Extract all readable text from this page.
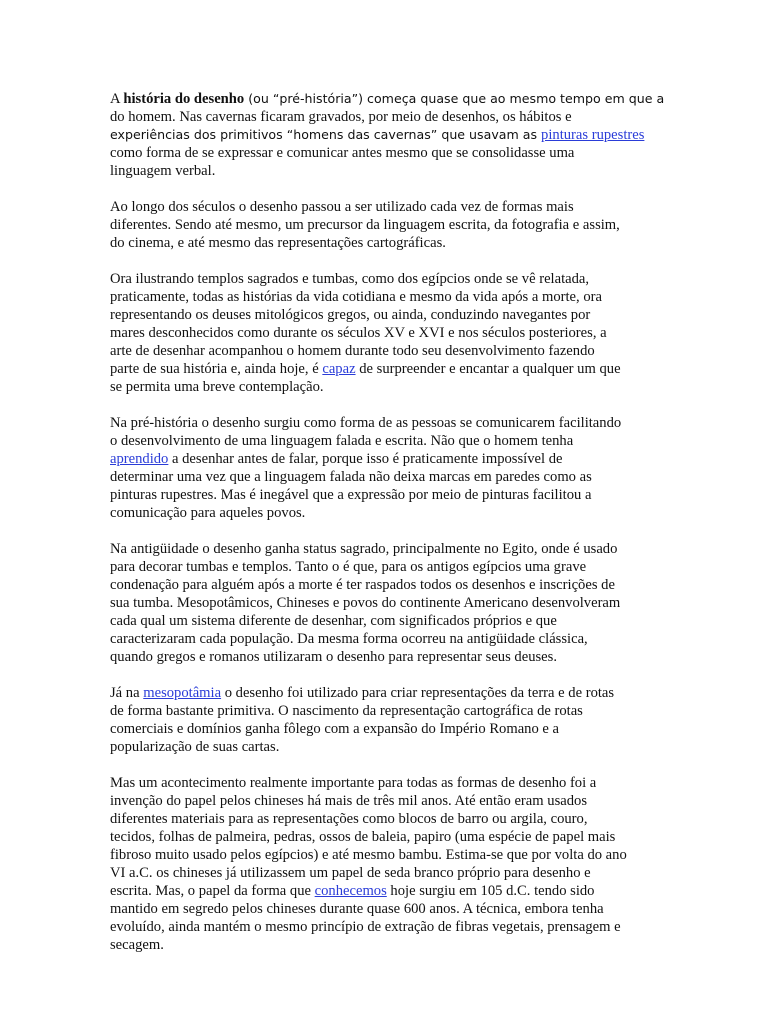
A história do desenho (ou “pré-história”) começa quase que ao mesmo tempo em que a
do homem. Nas cavernas ficaram gravados, por meio de desenhos, os hábitos e
experiências dos primitivos “homens das cavernas” que usavam as pinturas rupestres
como forma de se expressar e comunicar antes mesmo que se consolidasse uma
linguagem verbal.

Ao longo dos séculos o desenho passou a ser utilizado cada vez de formas mais
diferentes. Sendo até mesmo, um precursor da linguagem escrita, da fotografia e assim,
do cinema, e até mesmo das representações cartográficas.

Ora ilustrando templos sagrados e tumbas, como dos egípcios onde se vê relatada,
praticamente, todas as histórias da vida cotidiana e mesmo da vida após a morte, ora
representando os deuses mitológicos gregos, ou ainda, conduzindo navegantes por
mares desconhecidos como durante os séculos XV e XVI e nos séculos posteriores, a
arte de desenhar acompanhou o homem durante todo seu desenvolvimento fazendo
parte de sua história e, ainda hoje, é capaz de surpreender e encantar a qualquer um que
se permita uma breve contemplação.

Na pré-história o desenho surgiu como forma de as pessoas se comunicarem facilitando
o desenvolvimento de uma linguagem falada e escrita. Não que o homem tenha
aprendido a desenhar antes de falar, porque isso é praticamente impossível de
determinar uma vez que a linguagem falada não deixa marcas em paredes como as
pinturas rupestres. Mas é inegável que a expressão por meio de pinturas facilitou a
comunicação para aqueles povos.

Na antigüidade o desenho ganha status sagrado, principalmente no Egito, onde é usado
para decorar tumbas e templos. Tanto o é que, para os antigos egípcios uma grave
condenação para alguém após a morte é ter raspados todos os desenhos e inscrições de
sua tumba. Mesopotâmicos, Chineses e povos do continente Americano desenvolveram
cada qual um sistema diferente de desenhar, com significados próprios e que
caracterizaram cada população. Da mesma forma ocorreu na antigüidade clássica,
quando gregos e romanos utilizaram o desenho para representar seus deuses.

Já na mesopotâmia o desenho foi utilizado para criar representações da terra e de rotas
de forma bastante primitiva. O nascimento da representação cartográfica de rotas
comerciais e domínios ganha fôlego com a expansão do Império Romano e a
popularização de suas cartas.

Mas um acontecimento realmente importante para todas as formas de desenho foi a
invenção do papel pelos chineses há mais de três mil anos. Até então eram usados
diferentes materiais para as representações como blocos de barro ou argila, couro,
tecidos, folhas de palmeira, pedras, ossos de baleia, papiro (uma espécie de papel mais
fibroso muito usado pelos egípcios) e até mesmo bambu. Estima-se que por volta do ano
VI a.C. os chineses já utilizassem um papel de seda branco próprio para desenho e
escrita. Mas, o papel da forma que conhecemos hoje surgiu em 105 d.C. tendo sido
mantido em segredo pelos chineses durante quase 600 anos. A técnica, embora tenha
evoluído, ainda mantém o mesmo princípio de extração de fibras vegetais, prensagem e
secagem.
